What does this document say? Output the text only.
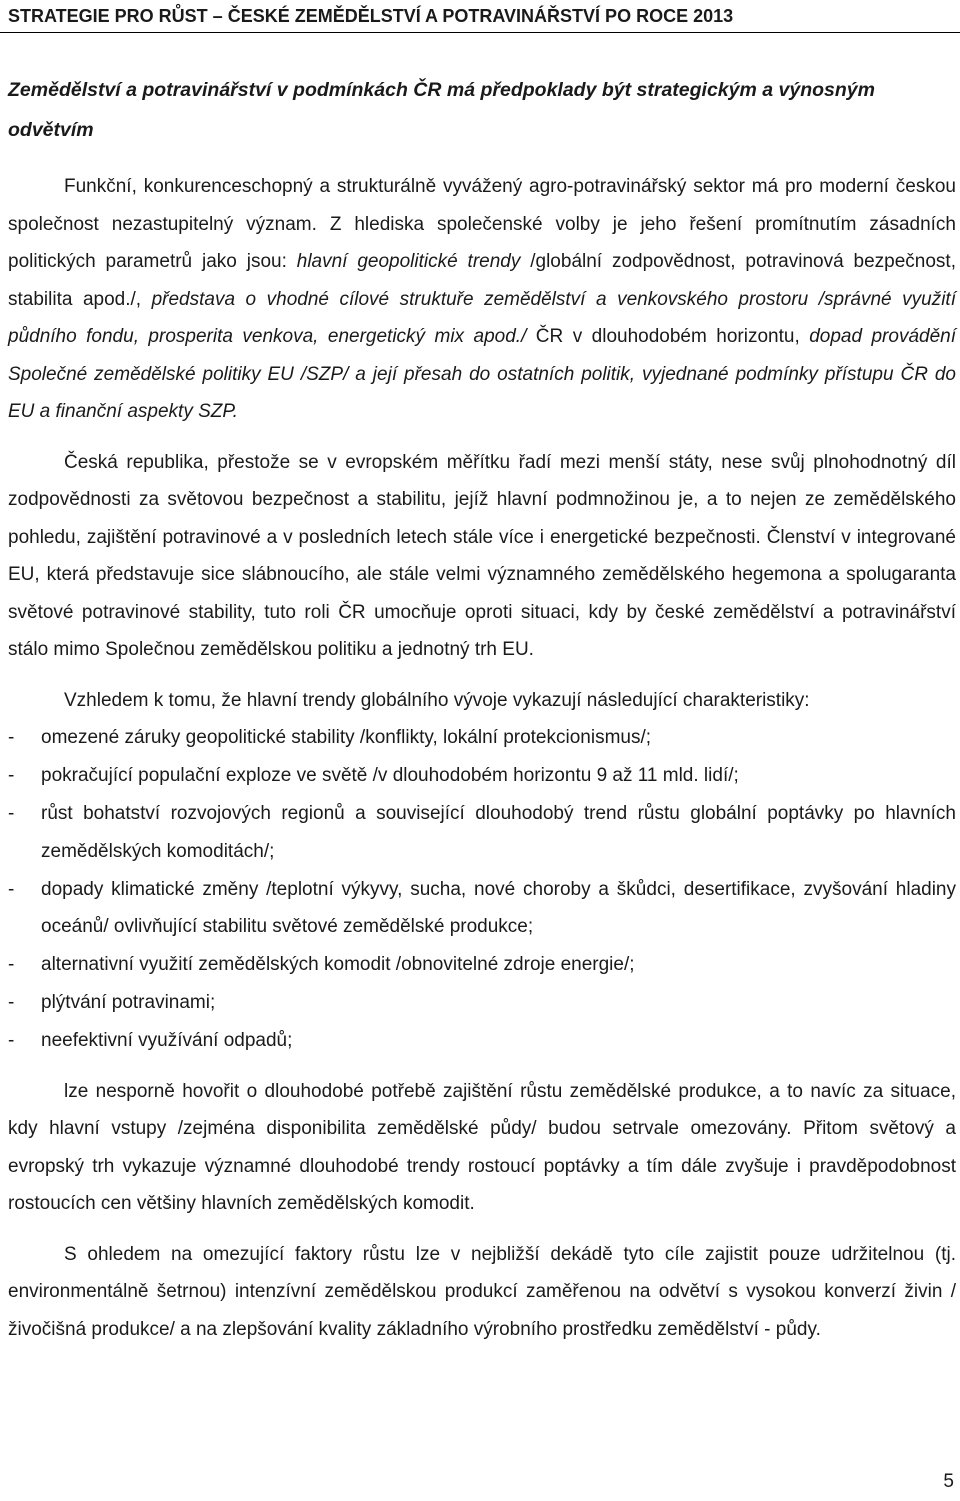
STRATEGIE PRO RŮST – ČESKÉ ZEMĚDĚLSTVÍ A POTRAVINÁŘSTVÍ PO ROCE 2013
Zemědělství a potravinářství v podmínkách ČR má předpoklady být strategickým a výnosným odvětvím

Funkční, konkurenceschopný a strukturálně vyvážený agro-potravinářský sektor má pro moderní českou společnost nezastupitelný význam. Z hlediska společenské volby je jeho řešení promítnutím zásadních politických parametrů jako jsou: hlavní geopolitické trendy /globální zodpovědnost, potravinová bezpečnost, stabilita apod./, představa o vhodné cílové struktuře zemědělství a venkovského prostoru /správné využití půdního fondu, prosperita venkova, energetický mix apod./ ČR v dlouhodobém horizontu, dopad provádění Společné zemědělské politiky EU /SZP/ a její přesah do ostatních politik, vyjednané podmínky přístupu ČR do EU a finanční aspekty SZP.

Česká republika, přestože se v evropském měřítku řadí mezi menší státy, nese svůj plnohodnotný díl zodpovědnosti za světovou bezpečnost a stabilitu, jejíž hlavní podmnožinou je, a to nejen ze zemědělského pohledu, zajištění potravinové a v posledních letech stále více i energetické bezpečnosti. Členství v integrované EU, která představuje sice slábnoucího, ale stále velmi významného zemědělského hegemona a spolugaranta světové potravinové stability, tuto roli ČR umocňuje oproti situaci, kdy by české zemědělství a potravinářství stálo mimo Společnou zemědělskou politiku a jednotný trh EU.

Vzhledem k tomu, že hlavní trendy globálního vývoje vykazují následující charakteristiky:

- omezené záruky geopolitické stability /konflikty, lokální protekcionismus/;
- pokračující populační exploze ve světě /v dlouhodobém horizontu 9 až 11 mld. lidí/;
- růst bohatství rozvojových regionů a související dlouhodobý trend růstu globální poptávky po hlavních zemědělských komoditách/;
- dopady klimatické změny /teplotní výkyvy, sucha, nové choroby a škůdci, desertifikace, zvyšování hladiny oceánů/ ovlivňující stabilitu světové zemědělské produkce;
- alternativní využití zemědělských komodit /obnovitelné zdroje energie/;
- plýtvání potravinami;
- neefektivní využívání odpadů;

lze nesporně hovořit o dlouhodobé potřebě zajištění růstu zemědělské produkce, a to navíc za situace, kdy hlavní vstupy /zejména disponibilita zemědělské půdy/ budou setrvale omezovány. Přitom světový a evropský trh vykazuje významné dlouhodobé trendy rostoucí poptávky a tím dále zvyšuje i pravděpodobnost rostoucích cen většiny hlavních zemědělských komodit.

S ohledem na omezující faktory růstu lze v nejbližší dekádě tyto cíle zajistit pouze udržitelnou (tj. environmentálně šetrnou) intenzívní zemědělskou produkcí zaměřenou na odvětví s vysokou konverzí živin /živočišná produkce/ a na zlepšování kvality základního výrobního prostředku zemědělství - půdy.

5
